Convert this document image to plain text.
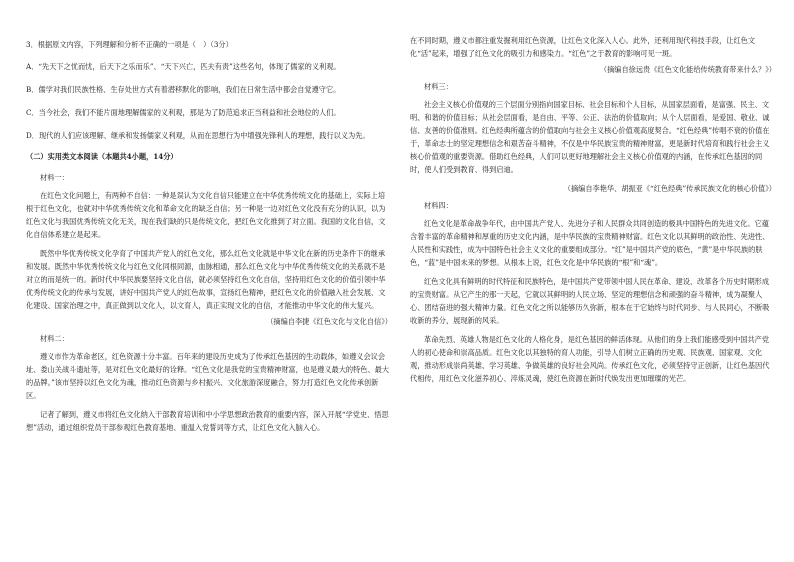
3．根据原文内容，下列理解和分析不正确的一项是（　）（3分）

A．“先天下之忧而忧，后天下之乐而乐”、“天下兴亡，匹夫有责”这些名句，体现了儒家的义利观。

B．儒学对我们民族性格、生存处世方式有着潜移默化的影响，我们在日常生活中都会自觉遵守它。

C．当今社会，我们不能片面地理解儒家的义利观，那是为了防范追求正当利益和社会地位的人们。

D．现代的人们应该理解、继承和发扬儒家义利观，从而在思想行为中增强先锋利人的理想，践行以义为先。

（二）实用类文本阅读（本题共4小题，14分）

材料一：

在红色文化问题上，有两种不自信：一种是误认为文化自信只能建立在中华优秀传统文化的基础上，实际上培根于红色文化，也就对中华优秀传统文化和革命文化的缺乏自信；另一种是一边对红色文化没有充分的认识，以为红色文化与我国优秀传统文化无关，现在我们缺的只是传统文化，把红色文化推到了对立面。我国的文化自信，文化自信体系建立是起来。

既然中华优秀传统文化孕育了中国共产党人的红色文化，那么红色文化就是中华文化在新的历史条件下的继承和发展。既然中华优秀传统文化与红色文化同根同源，血脉相通，那么红色文化与中华优秀传统文化的关系就不是对立的而是统一的。新时代中华民族要坚持文化自信，就必须坚持红色文化自信，坚持用红色文化的价值引领中华优秀传统文化的传承与发展，讲好中国共产党人的红色故事，宣扬红色精神，把红色文化的价值融入社会发展、文化建设、国家治理之中，真正做到以文化人，以文育人，真正实现文化的自信，才能推动中华文化的伟大复兴。

（摘编自李捷《红色文化与文化自信》）

材料二：

遵义市作为革命老区，红色资源十分丰富。百年来的建设历史成为了传承红色基因的生动载体，如遵义会议会址、娄山关战斗遗址等，是对红色文化最好的诠释。“红色文化是我党的宝贵精神财富，也是遵义最大的特色、最大的品牌。”该市坚持以红色文化为魂，推动红色资源与乡村振兴、文化旅游深度融合，努力打造红色文化传承创新区。

记者了解到，遵义市将红色文化纳入干部教育培训和中小学思想政治教育的重要内容，深入开展“学党史、悟思想”活动，通过组织党员干部参观红色教育基地、重温入党誓词等方式，让红色文化入脑入心。

在不同时期，遵义市都注重发掘利用红色资源，让红色文化深入人心。此外，还利用现代科技手段，让红色文化“活”起来，增强了红色文化的吸引力和感染力。“红色”之于教育的影响可见一斑。

（摘编自徐远贵《红色文化能给传统教育带来什么？》）

材料三：

社会主义核心价值观的三个层面分别指向国家目标、社会目标和个人目标，从国家层面看，是富强、民主、文明、和谐的价值目标；从社会层面看，是自由、平等、公正、法治的价值取向；从个人层面看，是爱国、敬业、诚信、友善的价值准则。红色经典所蕴含的价值取向与社会主义核心价值观高度契合。“红色经典”传唱不衰的价值在于，革命志士的坚定理想信念和艰苦奋斗精神，不仅是中华民族宝贵的精神财富，更是新时代培育和践行社会主义核心价值观的重要资源。借助红色经典，人们可以更好地理解社会主义核心价值观的内涵，在传承红色基因的同时，使人们受到教育、得到启迪。

（摘编自李艳华、胡振亚《“红色经典”传承民族文化的核心价值》）

材料四：

红色文化是革命战争年代，由中国共产党人、先进分子和人民群众共同创造的极具中国特色的先进文化。它蕴含着丰富的革命精神和厚重的历史文化内涵，是中华民族的宝贵精神财富。红色文化以其鲜明的政治性、先进性、人民性和实践性，成为中国特色社会主义文化的重要组成部分。“红”是中国共产党的底色，“黄”是中华民族的肤色，“蓝”是中国未来的梦想。从根本上说，红色文化是中华民族的“根”和“魂”。

红色文化具有鲜明的时代特征和民族特色，是中国共产党带领中国人民在革命、建设、改革各个历史时期形成的宝贵财富。从它产生的那一天起，它就以其鲜明的人民立场、坚定的理想信念和顽强的奋斗精神，成为凝聚人心、团结奋进的强大精神力量。红色文化之所以能够历久弥新，根本在于它始终与时代同步、与人民同心，不断吸收新的养分，展现新的风采。

革命先烈、英雄人物是红色文化的人格化身，是红色基因的鲜活体现。从他们的身上我们能感受到中国共产党人的初心使命和崇高品质。红色文化以其独特的育人功能，引导人们树立正确的历史观、民族观、国家观、文化观，推动形成崇尚英雄、学习英雄、争做英雄的良好社会风尚。传承红色文化，必须坚持守正创新，让红色基因代代相传，用红色文化滋养初心、淬炼灵魂，使红色资源在新时代焕发出更加璀璨的光芒。
